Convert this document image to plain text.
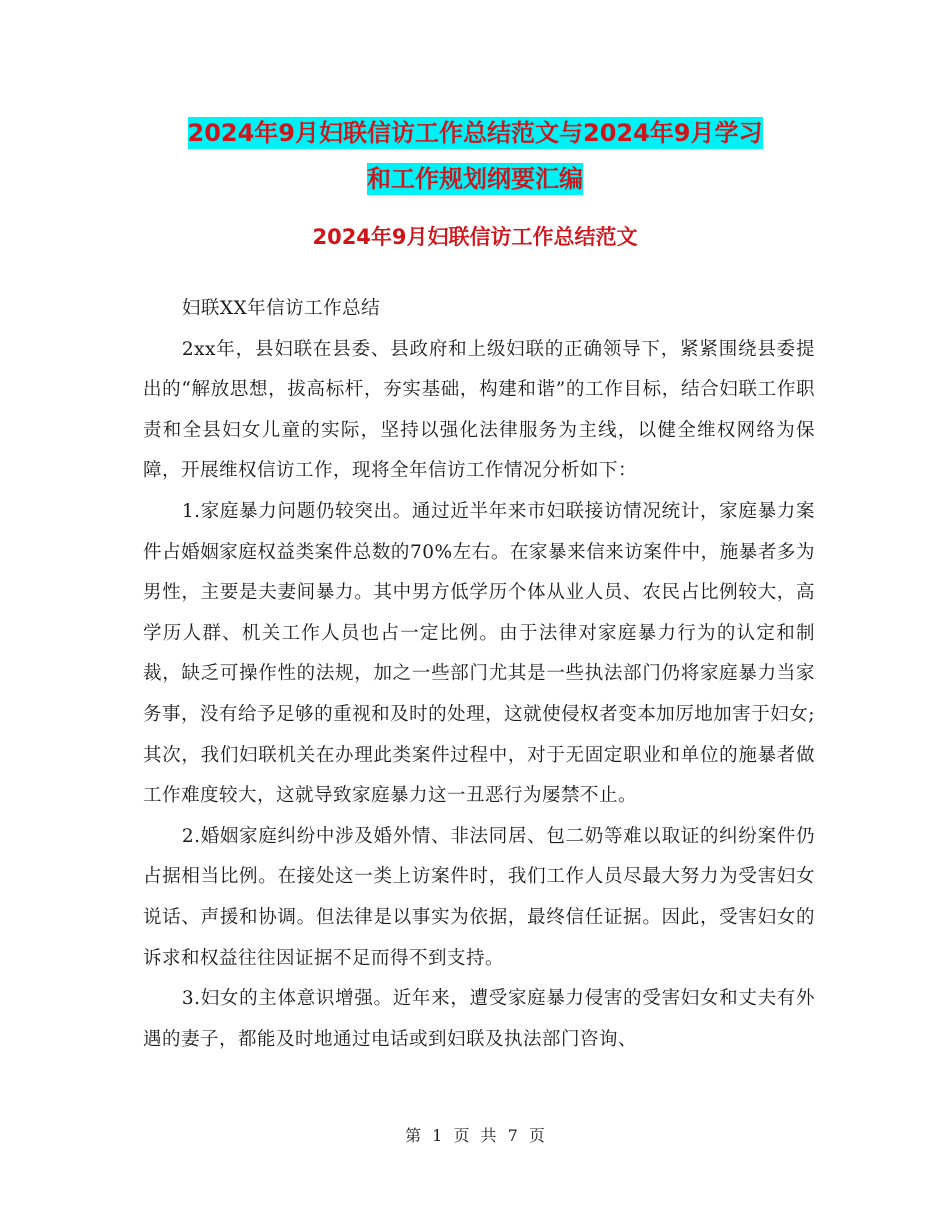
2024年9月妇联信访工作总结范文与2024年9月学习
和工作规划纲要汇编
2024年9月妇联信访工作总结范文

妇联XX年信访工作总结

2xx年，县妇联在县委、县政府和上级妇联的正确领导下，紧紧围绕县委提出的“解放思想，拔高标杆，夯实基础，构建和谐”的工作目标，结合妇联工作职责和全县妇女儿童的实际，坚持以强化法律服务为主线，以健全维权网络为保障，开展维权信访工作，现将全年信访工作情况分析如下：

1.家庭暴力问题仍较突出。通过近半年来市妇联接访情况统计，家庭暴力案件占婚姻家庭权益类案件总数的70%左右。在家暴来信来访案件中，施暴者多为男性，主要是夫妻间暴力。其中男方低学历个体从业人员、农民占比例较大，高学历人群、机关工作人员也占一定比例。由于法律对家庭暴力行为的认定和制裁，缺乏可操作性的法规，加之一些部门尤其是一些执法部门仍将家庭暴力当家务事，没有给予足够的重视和及时的处理，这就使侵权者变本加厉地加害于妇女;其次，我们妇联机关在办理此类案件过程中，对于无固定职业和单位的施暴者做工作难度较大，这就导致家庭暴力这一丑恶行为屡禁不止。

2.婚姻家庭纠纷中涉及婚外情、非法同居、包二奶等难以取证的纠纷案件仍占据相当比例。在接处这一类上访案件时，我们工作人员尽最大努力为受害妇女说话、声援和协调。但法律是以事实为依据，最终信任证据。因此，受害妇女的诉求和权益往往因证据不足而得不到支持。

3.妇女的主体意识增强。近年来，遭受家庭暴力侵害的受害妇女和丈夫有外遇的妻子，都能及时地通过电话或到妇联及执法部门咨询、

第 1 页 共 7 页
